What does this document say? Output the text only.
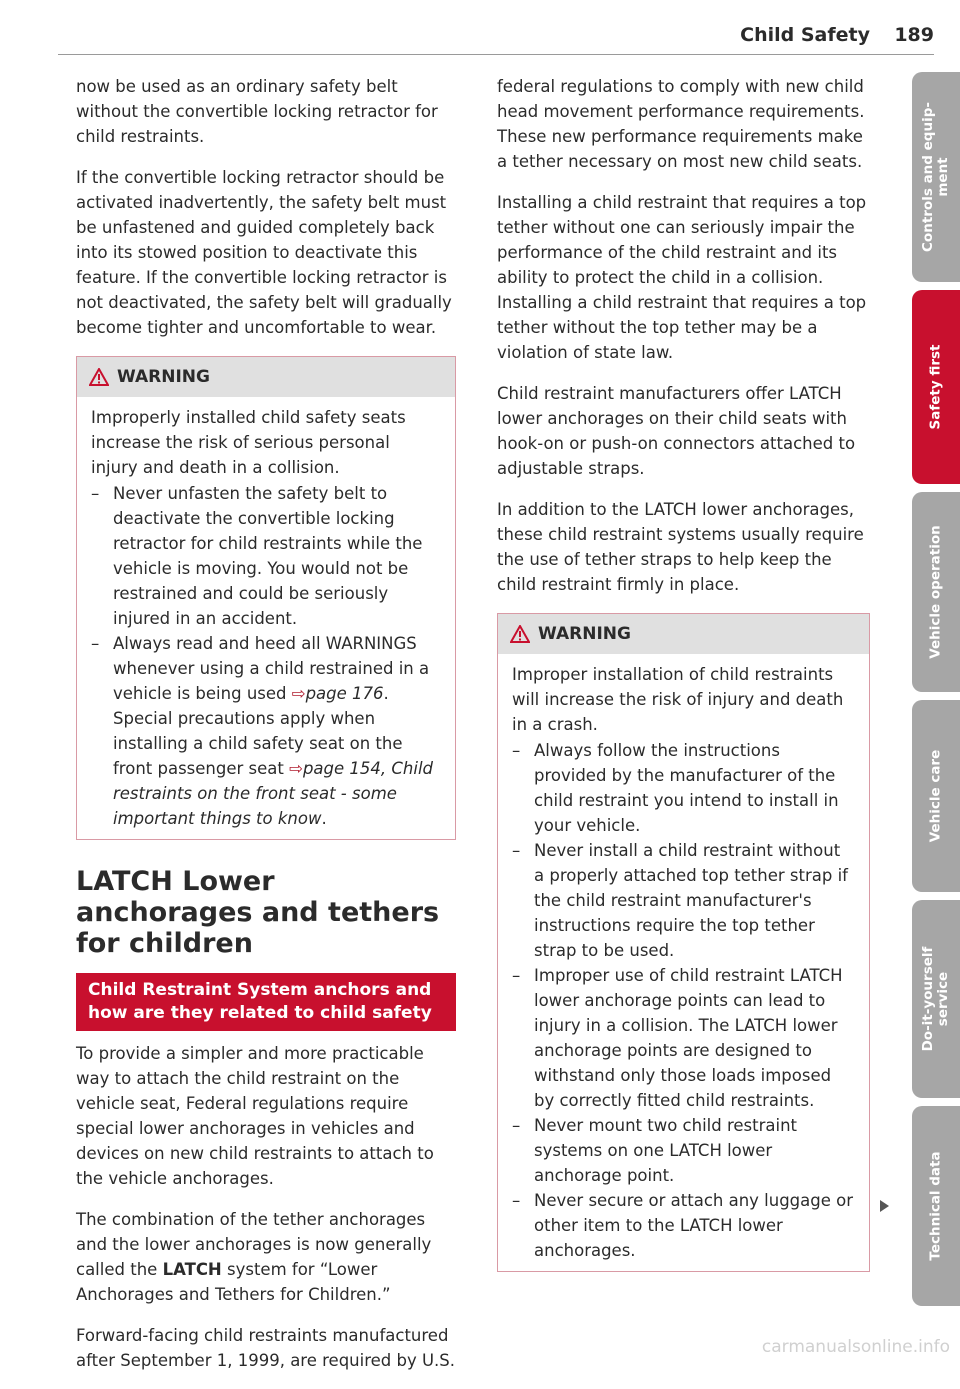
Child Safety 189

now be used as an ordinary safety belt without the convertible locking retractor for child restraints.

If the convertible locking retractor should be activated inadvertently, the safety belt must be unfastened and guided completely back into its stowed position to deactivate this feature. If the convertible locking retractor is not deactivated, the safety belt will gradually become tighter and uncomfortable to wear.

WARNING

Improperly installed child safety seats increase the risk of serious personal injury and death in a collision.

– Never unfasten the safety belt to deactivate the convertible locking retractor for child restraints while the vehicle is moving. You would not be restrained and could be seriously injured in an accident.
– Always read and heed all WARNINGS whenever using a child restrained in a vehicle is being used ⇨page 176. Special precautions apply when installing a child safety seat on the front passenger seat ⇨page 154, Child restraints on the front seat - some important things to know.
LATCH Lower anchorages and tethers for children
Child Restraint System anchors and how are they related to child safety

To provide a simpler and more practicable way to attach the child restraint on the vehicle seat, Federal regulations require special lower anchorages in vehicles and devices on new child restraints to attach to the vehicle anchorages.

The combination of the tether anchorages and the lower anchorages is now generally called the LATCH system for “Lower Anchorages and Tethers for Children.”

Forward-facing child restraints manufactured after September 1, 1999, are required by U.S.

federal regulations to comply with new child head movement performance requirements. These new performance requirements make a tether necessary on most new child seats.

Installing a child restraint that requires a top tether without one can seriously impair the performance of the child restraint and its ability to protect the child in a collision. Installing a child restraint that requires a top tether without the top tether may be a violation of state law.

Child restraint manufacturers offer LATCH lower anchorages on their child seats with hook-on or push-on connectors attached to adjustable straps.

In addition to the LATCH lower anchorages, these child restraint systems usually require the use of tether straps to help keep the child restraint firmly in place.

WARNING

Improper installation of child restraints will increase the risk of injury and death in a crash.

– Always follow the instructions provided by the manufacturer of the child restraint you intend to install in your vehicle.
– Never install a child restraint without a properly attached top tether strap if the child restraint manufacturer's instructions require the top tether strap to be used.
– Improper use of child restraint LATCH lower anchorage points can lead to injury in a collision. The LATCH lower anchorage points are designed to withstand only those loads imposed by correctly fitted child restraints.
– Never mount two child restraint systems on one LATCH lower anchorage point.
– Never secure or attach any luggage or other item to the LATCH lower anchorages.
Controls and equip-
ment
Safety first
Vehicle operation
Vehicle care
Do-it-yourself
service
Technical data
carmanualsonline.info
